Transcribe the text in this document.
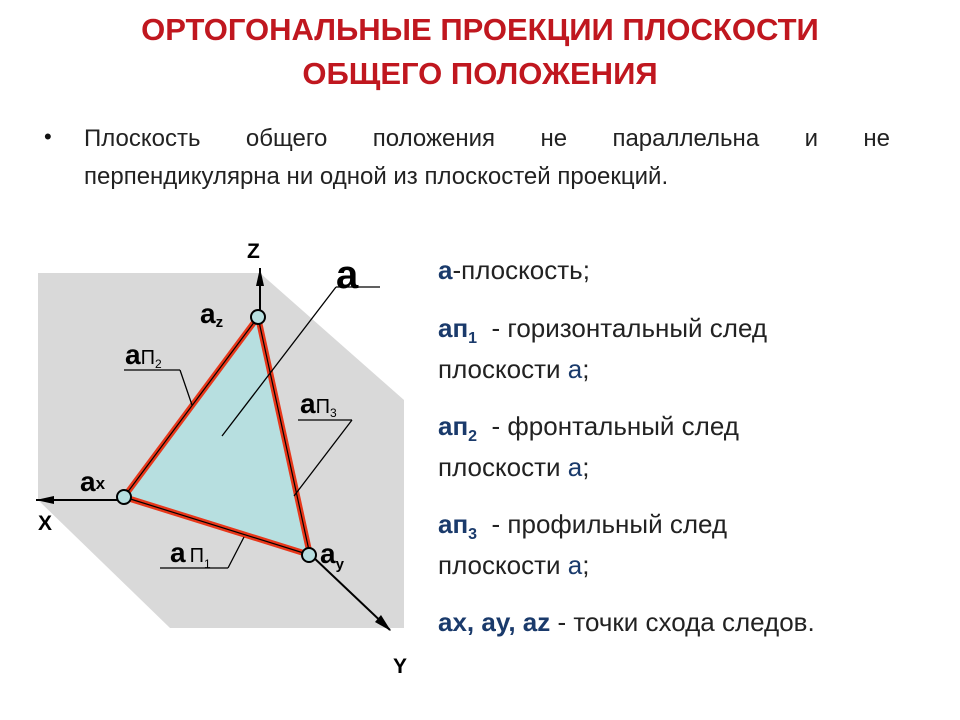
ОРТОГОНАЛЬНЫЕ ПРОЕКЦИИ ПЛОСКОСТИ
ОБЩЕГО ПОЛОЖЕНИЯ
• Плоскость общего положения не параллельна и не
перпендикулярна ни одной из плоскостей проекций.
Z
X
Y
a
az
ax
$a_y$
aП2
aП3
a $П_1$
a-плоскость;
$aп_1$  - горизонтальный след
плоскости a;
$aп_2$  - фронтальный след
плоскости a;
$aп_3$  - профильный след
плоскости a;
ax, ay, az - точки схода следов.
